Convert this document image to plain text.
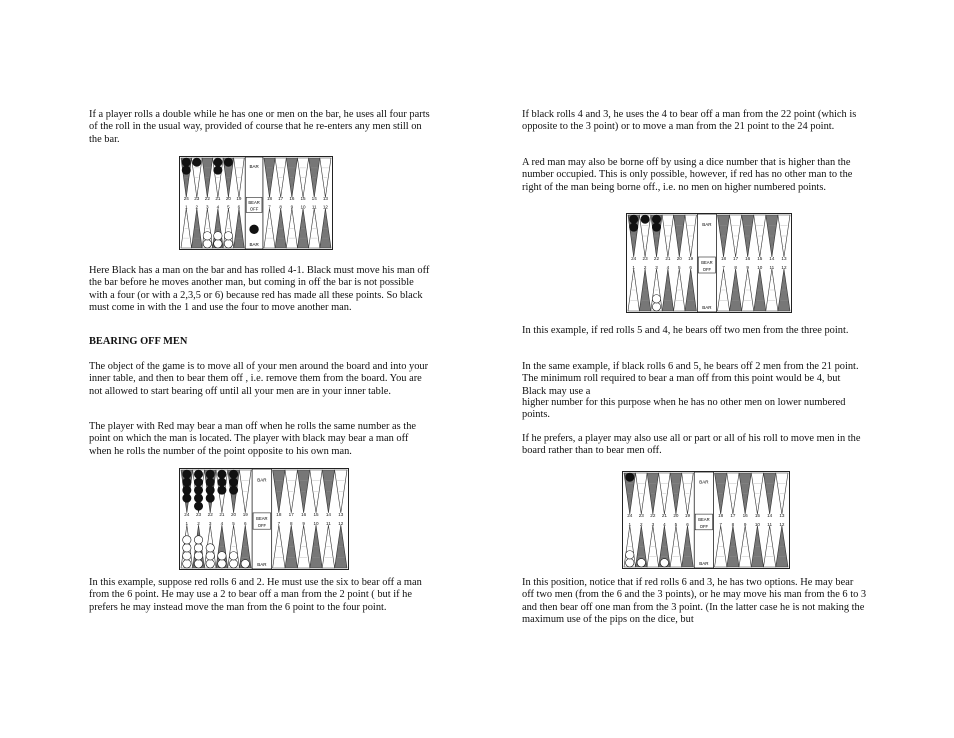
If a player rolls a double while he has one or men on the bar, he uses all four parts of the roll in the usual way, provided of course that he re-enters any men still on the bar.

BAR
BAR
BEAR
OFF
24	18
1	7
23	17
2	8
22	16
3	9
21	15
4	10
20	14
5	11
19	13
6	12

Here Black has a man on the bar and has rolled 4-1. Black must move his man off the bar before he moves another man, but coming in off the bar is not possible with a four (or with a 2,3,5 or 6) because red has made all these points. So black must come in with the 1 and use the four to move another man.

BEARING OFF MEN

The object of the game is to move all of your men around the board and into your inner table, and then to bear them off , i.e. remove them from the board. You are not allowed to start bearing off until all your men are in your inner table.

The player with Red may bear a man off when he rolls the same number as the point on which the man is located. The player with black may bear a man off when he rolls the number of the point opposite to his own man.

BAR
BAR
BEAR
OFF
24	18
1	7
23	17
2	8
22	16
3	9
21	15
4	10
20	14
5	11
19	13
6	12

In this example, suppose red rolls 6 and 2. He must use the six to bear off a man from the 6 point. He may use a 2 to bear off a man from the 2 point ( but if he prefers he may instead move the man from the 6 point to the four point.

If black rolls 4 and 3, he uses the 4 to bear off a man from the 22 point (which is opposite to the 3 point) or to move a man from the 21 point to the 24 point.

A red man may also be borne off by using a dice number that is higher than the number occupied. This is only possible, however, if red has no other man to the right of the man being borne off., i.e. no men on higher numbered points.

BAR
BAR
BEAR
OFF
24	18
1	7
23	17
2	8
22	16
3	9
21	15
4	10
20	14
5	11
19	13
6	12

In this example, if red rolls 5 and 4, he bears off two men from the three point.

In the same example, if black rolls 6 and 5, he bears off 2 men from the 21 point. The minimum roll required to bear a man off from this point would be 4, but Black may use a

higher number for this purpose when he has no other men on lower numbered points.

If he prefers, a player may also use all or part or all of his roll to move men in the board rather than to bear men off.

BAR
BAR
BEAR
OFF
24	18
1	7
23	17
2	8
22	16
3	9
21	15
4	10
20	14
5	11
19	13
6	12

In this position, notice that if red rolls 6 and 3, he has two options. He may bear off two men (from the 6 and the 3 points), or he may move his man from the 6 to 3 and then bear off one man from the 3 point. (In the latter case he is not making the maximum use of the pips on the dice, but
